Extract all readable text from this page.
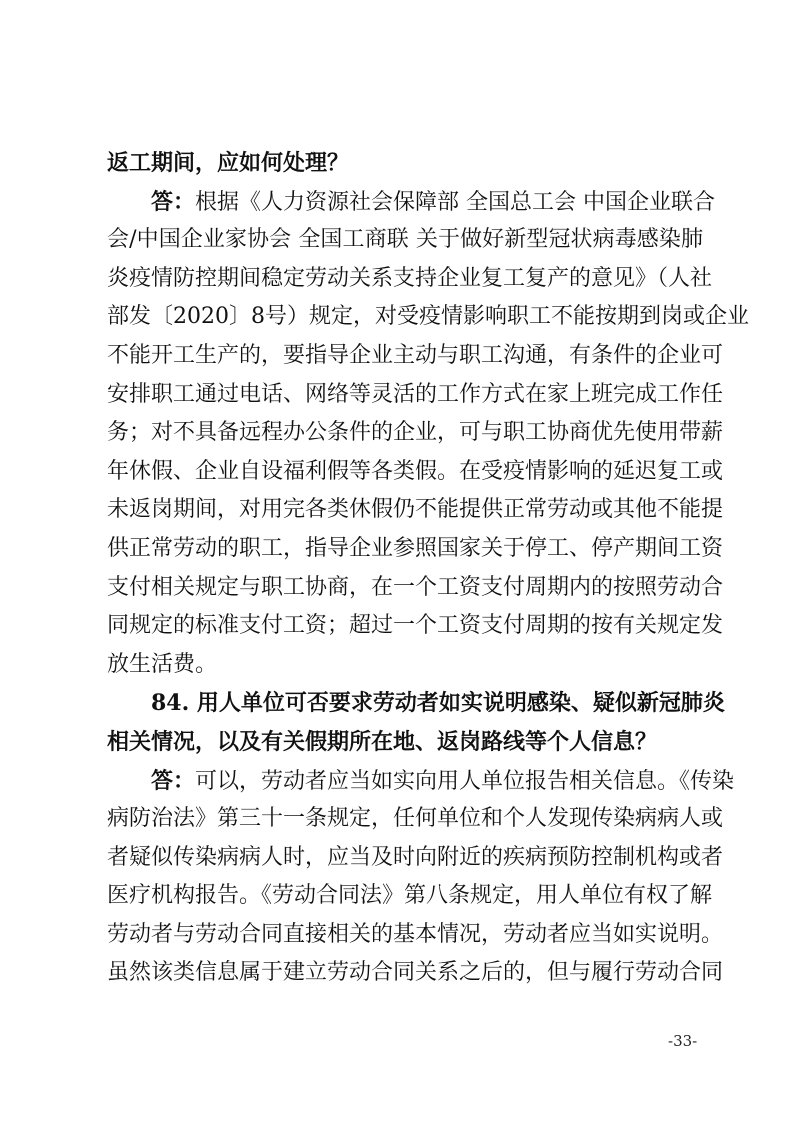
返工期间，应如何处理？
答：根据《人力资源社会保障部 全国总工会 中国企业联合
会/中国企业家协会 全国工商联 关于做好新型冠状病毒感染肺
炎疫情防控期间稳定劳动关系支持企业复工复产的意见》（人社
部发〔2020〕8号）规定，对受疫情影响职工不能按期到岗或企业
不能开工生产的，要指导企业主动与职工沟通，有条件的企业可
安排职工通过电话、网络等灵活的工作方式在家上班完成工作任
务；对不具备远程办公条件的企业，可与职工协商优先使用带薪
年休假、企业自设福利假等各类假。在受疫情影响的延迟复工或
未返岗期间，对用完各类休假仍不能提供正常劳动或其他不能提
供正常劳动的职工，指导企业参照国家关于停工、停产期间工资
支付相关规定与职工协商，在一个工资支付周期内的按照劳动合
同规定的标准支付工资；超过一个工资支付周期的按有关规定发
放生活费。
84. 用人单位可否要求劳动者如实说明感染、疑似新冠肺炎
相关情况，以及有关假期所在地、返岗路线等个人信息？
答：可以，劳动者应当如实向用人单位报告相关信息。《传染
病防治法》第三十一条规定，任何单位和个人发现传染病病人或
者疑似传染病病人时，应当及时向附近的疾病预防控制机构或者
医疗机构报告。《劳动合同法》第八条规定，用人单位有权了解
劳动者与劳动合同直接相关的基本情况，劳动者应当如实说明。
虽然该类信息属于建立劳动合同关系之后的，但与履行劳动合同
-33-
